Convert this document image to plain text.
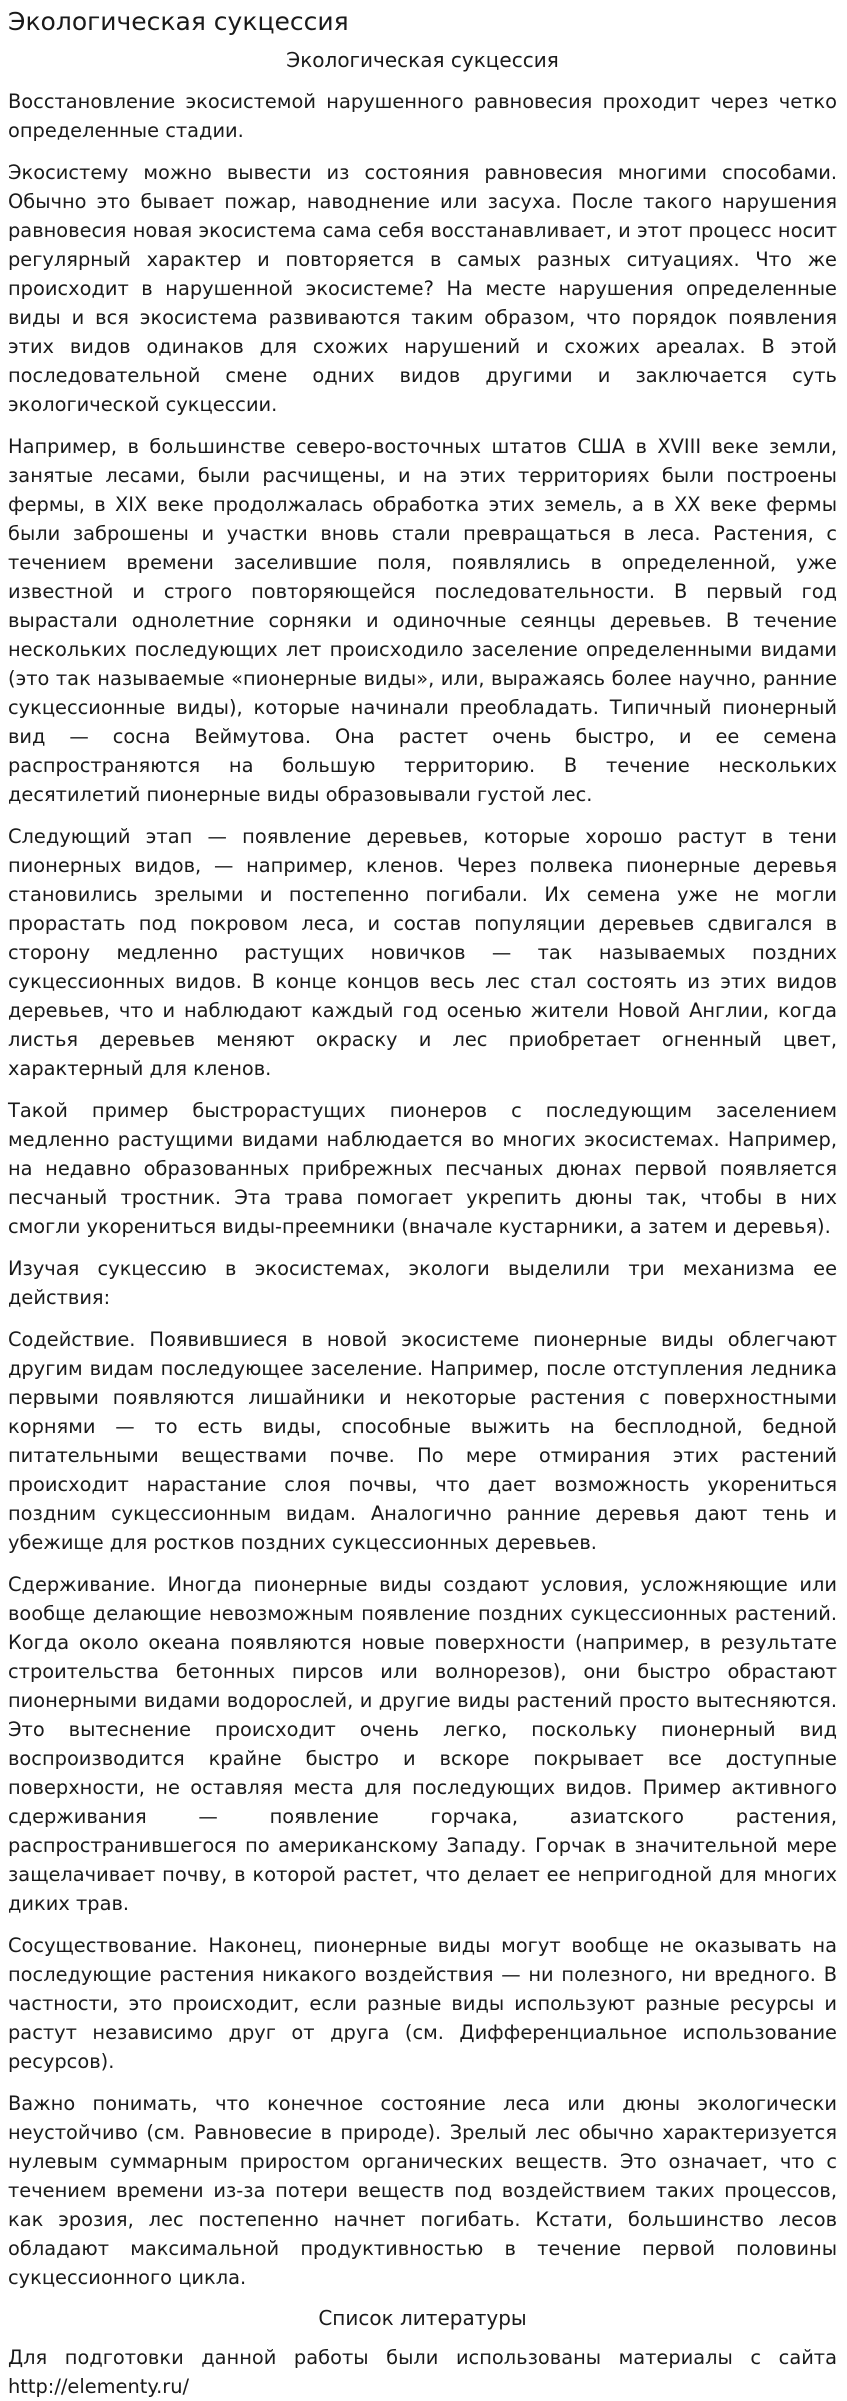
Экологическая сукцессия
Экологическая сукцессия

Восстановление экосистемой нарушенного равновесия проходит через четко определенные стадии.

Экосистему можно вывести из состояния равновесия многими способами. Обычно это бывает пожар, наводнение или засуха. После такого нарушения равновесия новая экосистема сама себя восстанавливает, и этот процесс носит регулярный характер и повторяется в самых разных ситуациях. Что же происходит в нарушенной экосистеме? На месте нарушения определенные виды и вся экосистема развиваются таким образом, что порядок появления этих видов одинаков для схожих нарушений и схожих ареалах. В этой последовательной смене одних видов другими и заключается суть экологической сукцессии.

Например, в большинстве северо-восточных штатов США в XVIII веке земли, занятые лесами, были расчищены, и на этих территориях были построены фермы, в XIX веке продолжалась обработка этих земель, а в XX веке фермы были заброшены и участки вновь стали превращаться в леса. Растения, с течением времени заселившие поля, появлялись в определенной, уже известной и строго повторяющейся последовательности. В первый год вырастали однолетние сорняки и одиночные сеянцы деревьев. В течение нескольких последующих лет происходило заселение определенными видами (это так называемые «пионерные виды», или, выражаясь более научно, ранние сукцессионные виды), которые начинали преобладать. Типичный пионерный вид — сосна Веймутова. Она растет очень быстро, и ее семена распространяются на большую территорию. В течение нескольких десятилетий пионерные виды образовывали густой лес.

Следующий этап — появление деревьев, которые хорошо растут в тени пионерных видов, — например, кленов. Через полвека пионерные деревья становились зрелыми и постепенно погибали. Их семена уже не могли прорастать под покровом леса, и состав популяции деревьев сдвигался в сторону медленно растущих новичков — так называемых поздних сукцессионных видов. В конце концов весь лес стал состоять из этих видов деревьев, что и наблюдают каждый год осенью жители Новой Англии, когда листья деревьев меняют окраску и лес приобретает огненный цвет, характерный для кленов.

Такой пример быстрорастущих пионеров с последующим заселением медленно растущими видами наблюдается во многих экосистемах. Например, на недавно образованных прибрежных песчаных дюнах первой появляется песчаный тростник. Эта трава помогает укрепить дюны так, чтобы в них смогли укорениться виды-преемники (вначале кустарники, а затем и деревья).

Изучая сукцессию в экосистемах, экологи выделили три механизма ее действия:

Содействие. Появившиеся в новой экосистеме пионерные виды облегчают другим видам последующее заселение. Например, после отступления ледника первыми появляются лишайники и некоторые растения с поверхностными корнями — то есть виды, способные выжить на бесплодной, бедной питательными веществами почве. По мере отмирания этих растений происходит нарастание слоя почвы, что дает возможность укорениться поздним сукцессионным видам. Аналогично ранние деревья дают тень и убежище для ростков поздних сукцессионных деревьев.

Сдерживание. Иногда пионерные виды создают условия, усложняющие или вообще делающие невозможным появление поздних сукцессионных растений. Когда около океана появляются новые поверхности (например, в результате строительства бетонных пирсов или волнорезов), они быстро обрастают пионерными видами водорослей, и другие виды растений просто вытесняются. Это вытеснение происходит очень легко, поскольку пионерный вид воспроизводится крайне быстро и вскоре покрывает все доступные поверхности, не оставляя места для последующих видов. Пример активного сдерживания — появление горчака, азиатского растения, распространившегося по американскому Западу. Горчак в значительной мере защелачивает почву, в которой растет, что делает ее непригодной для многих диких трав.

Сосуществование. Наконец, пионерные виды могут вообще не оказывать на последующие растения никакого воздействия — ни полезного, ни вредного. В частности, это происходит, если разные виды используют разные ресурсы и растут независимо друг от друга (см. Дифференциальное использование ресурсов).

Важно понимать, что конечное состояние леса или дюны экологически неустойчиво (см. Равновесие в природе). Зрелый лес обычно характеризуется нулевым суммарным приростом органических веществ. Это означает, что с течением времени из-за потери веществ под воздействием таких процессов, как эрозия, лес постепенно начнет погибать. Кстати, большинство лесов обладают максимальной продуктивностью в течение первой половины сукцессионного цикла.

Список литературы

Для подготовки данной работы были использованы материалы с сайта http://elementy.ru/
